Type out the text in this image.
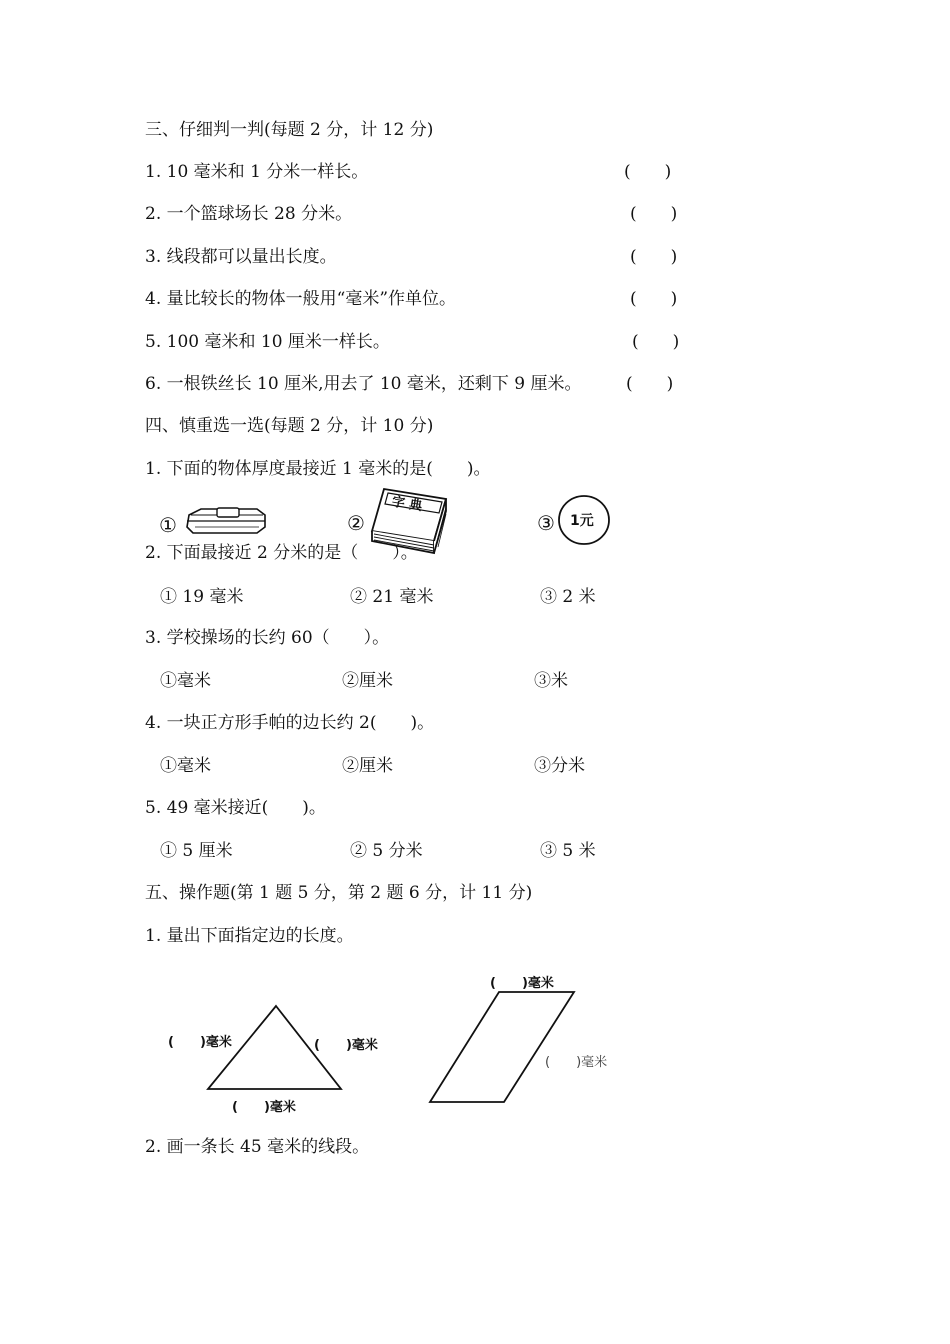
三、仔细判一判(每题 2 分，计 12 分)
1. 10 毫米和 1 分米一样长。	(　　)
2. 一个篮球场长 28 分米。	(　　)
3. 线段都可以量出长度。	(　　)
4. 量比较长的物体一般用“毫米”作单位。	(　　)
5. 100 毫米和 10 厘米一样长。	(　　)
6. 一根铁丝长 10 厘米,用去了 10 毫米，还剩下 9 厘米。	(　　)
四、慎重选一选(每题 2 分，计 10 分)
1. 下面的物体厚度最接近 1 毫米的是(　　)。
①	②
字 典
③ 1元
2. 下面最接近 2 分米的是（　　）。
① 19 毫米	② 21 毫米	③ 2 米
3. 学校操场的长约 60（　　）。
①毫米	②厘米	③米
4. 一块正方形手帕的边长约 2(　　)。
①毫米	②厘米	③分米
5. 49 毫米接近(　　)。
① 5 厘米	② 5 分米	③ 5 米
五、操作题(第 1 题 5 分，第 2 题 6 分，计 11 分)
1. 量出下面指定边的长度。
(　　)毫米	(　　)毫米
(　　)毫米
(　　)毫米
(　　)毫米
2. 画一条长 45 毫米的线段。
